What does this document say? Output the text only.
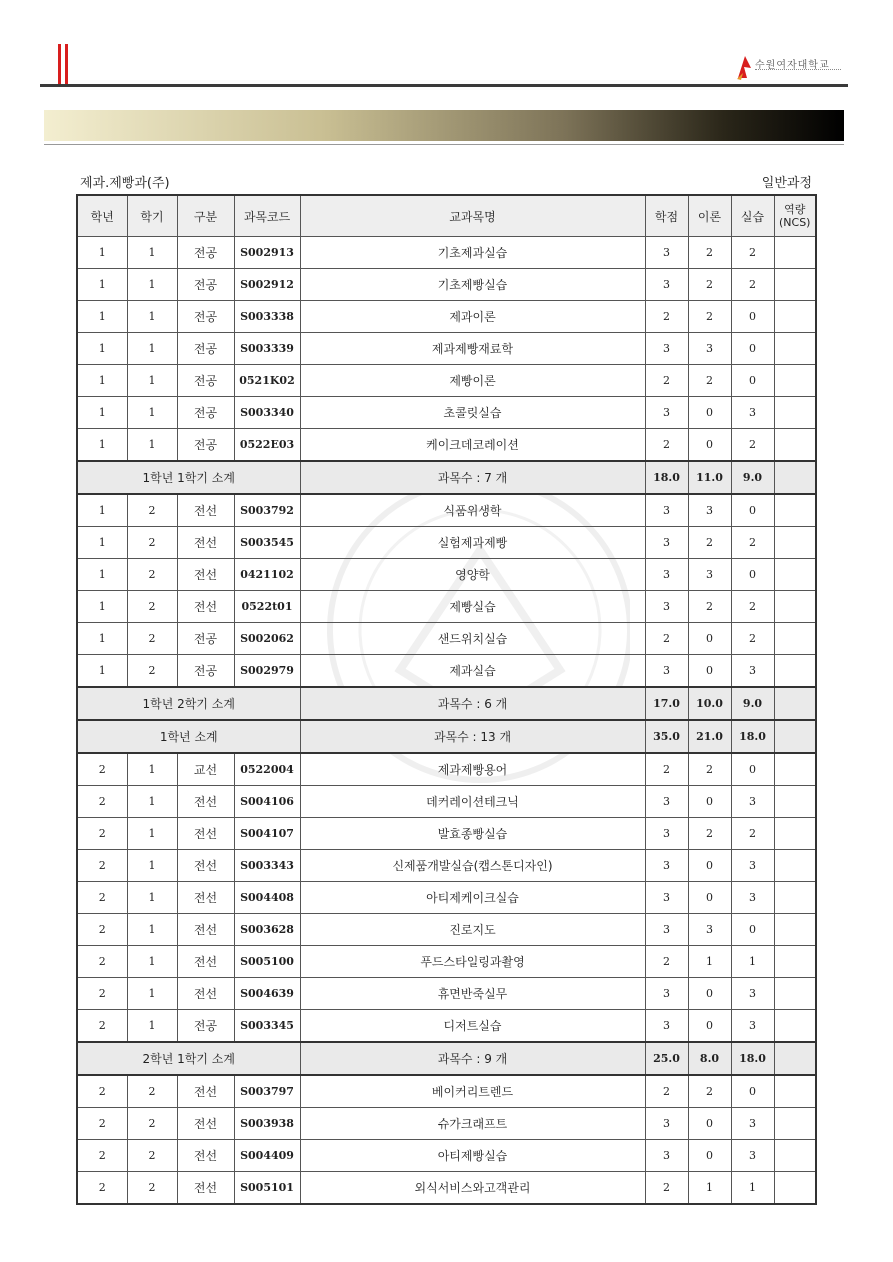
수원여자대학교
제과.제빵과(주)	일반과정
학년	학기	구분	과목코드	교과목명	학점	이론	실습	역량
(NCS)
1	1	전공	S002913	기초제과실습	3	2	2	
1	1	전공	S002912	기초제빵실습	3	2	2	
1	1	전공	S003338	제과이론	2	2	0	
1	1	전공	S003339	제과제빵재료학	3	3	0	
1	1	전공	0521K02	제빵이론	2	2	0	
1	1	전공	S003340	초콜릿실습	3	0	3	
1	1	전공	0522E03	케이크데코레이션	2	0	2	
1학년 1학기 소계				과목수 : 7 개	18.0	11.0	9.0	
1	2	전선	S003792	식품위생학	3	3	0	
1	2	전선	S003545	실험제과제빵	3	2	2	
1	2	전선	0421102	영양학	3	3	0	
1	2	전선	0522t01	제빵실습	3	2	2	
1	2	전공	S002062	샌드위치실습	2	0	2	
1	2	전공	S002979	제과실습	3	0	3	
1학년 2학기 소계				과목수 : 6 개	17.0	10.0	9.0	
1학년 소계				과목수 : 13 개	35.0	21.0	18.0	
2	1	교선	0522004	제과제빵용어	2	2	0	
2	1	전선	S004106	데커레이션테크닉	3	0	3	
2	1	전선	S004107	발효종빵실습	3	2	2	
2	1	전선	S003343	신제품개발실습(캡스톤디자인)	3	0	3	
2	1	전선	S004408	아티제케이크실습	3	0	3	
2	1	전선	S003628	진로지도	3	3	0	
2	1	전선	S005100	푸드스타일링과촬영	2	1	1	
2	1	전선	S004639	휴면반죽실무	3	0	3	
2	1	전공	S003345	디저트실습	3	0	3	
2학년 1학기 소계				과목수 : 9 개	25.0	8.0	18.0	
2	2	전선	S003797	베이커리트렌드	2	2	0	
2	2	전선	S003938	슈가크래프트	3	0	3	
2	2	전선	S004409	아티제빵실습	3	0	3	
2	2	전선	S005101	외식서비스와고객관리	2	1	1	
